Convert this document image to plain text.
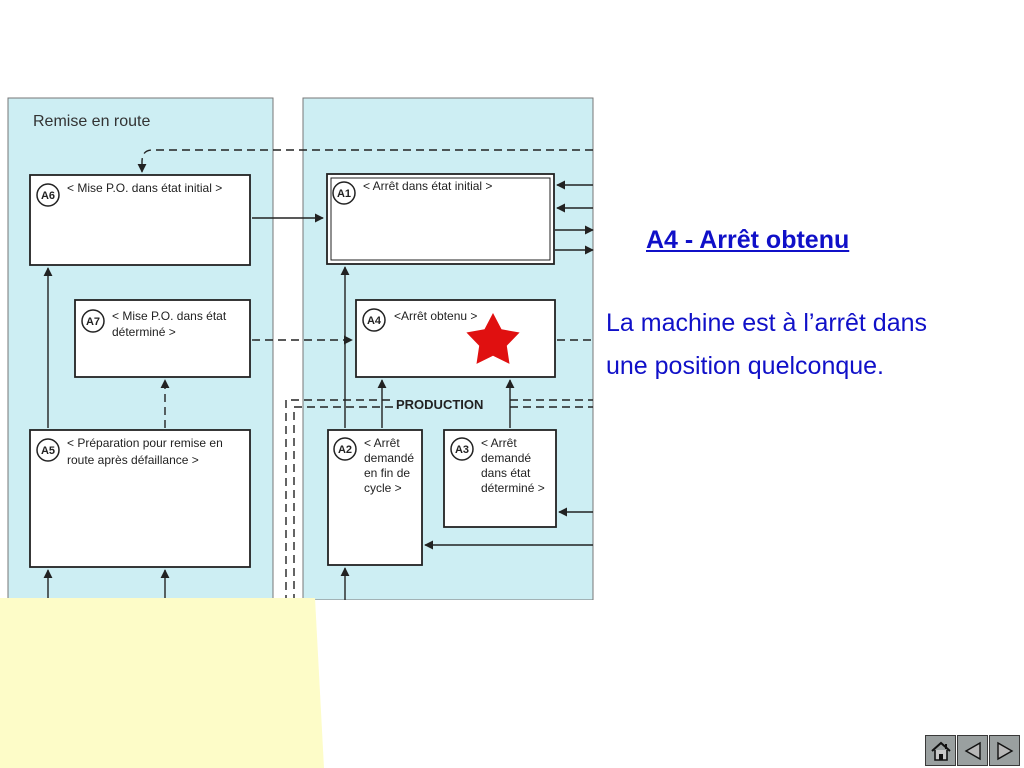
Remise en route
A6
A7
A5
A1
A4
A2	A3
< Mise P.O. dans état initial >
< Mise P.O. dans état
déterminé >
< Préparation pour remise en
route après défaillance >
< Arrêt dans état initial >
<Arrêt obtenu >
< Arrêt
demandé
en fin de
cycle >
< Arrêt
demandé
dans état
déterminé >
PRODUCTION
A4 - Arrêt obtenu

La machine est à l’arrêt dans une position quelconque.
